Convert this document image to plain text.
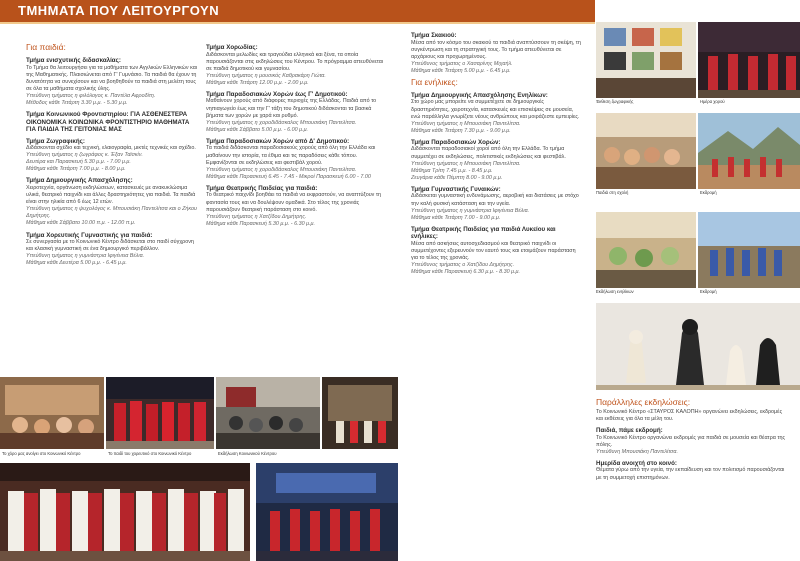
ΤΜΗΜΑΤΑ ΠΟΥ ΛΕΙΤΟΥΡΓΟΥΝ
Για παιδιά:
Τμήμα ενισχυτικής διδασκαλίας:
Το Τμήμα θα λειτουργήσει για τα μαθήματα των Αγγλικών Ελληνικών και της Μαθηματικής. Πλαισιώνεται από Γ' Γυμνάσιο. Τα παιδιά θα έχουν τη δυνατότητα να συνεχίσουν και να βοηθηθούν τα παιδιά στη μελέτη τους σε όλα τα μαθήματα σχολικής ύλης.
Υπεύθυνη τμήματος η φιλόλογος κ. Παντέλα Αφροδίτη.
Μέθοδος κάθε Τετάρτη 3.30 μ.μ. - 5.30 μ.μ.
Τμήμα Κοινωνικού Φροντιστηρίου: ΓΙΑ ΑΣΘΕΝΕΣΤΕΡΑ ΟΙΚΟΝΟΜΙΚΑ ΚΟΙΝΩΝΙΚΑ ΦΡΟΝΤΙΣΤΗΡΙΟ ΜΑΘΗΜΑΤΑ ΓΙΑ ΠΑΙΔΙΑ ΤΗΣ ΓΕΙΤΟΝΙΑΣ ΜΑΣ
Τμήμα Ζωγραφικής:
Διδάσκονται σχέδιο και τεχνική, ελαιογραφία, μικτές τεχνικές και σχέδιο.
Υπεύθυνη τμήματος η ζωγράφος κ. Έξαν Ταϊσκίν.
Δευτέρα και Παρασκευή 5.30 μ.μ. - 7.00 μ.μ.
Μάθημα κάθε Τετάρτη 7.00 μ.μ. - 8.00 μ.μ.
Τμήμα Δημιουργικής Απασχόλησης:
Χειροτεχνία, οργάνωση εκδηλώσεων, κατασκευές με ανακυκλώσιμα υλικά, θεατρικό παιχνίδι και άλλες δραστηριότητες για παιδιά. Τα παιδιά είναι στην ηλικία από 6 έως 12 ετών.
Υπεύθυνη τμήματος η ψυχολόγος κ. Μπουσιάκη Παντελίτσα και ο Ζήκου Δημήτρης.
Μάθημα κάθε Σάββατο 10.00 π.μ. - 12.00 π.μ.
Τμήμα Χορευτικής Γυμναστικής για παιδιά:
Σε συνεργασία με το Κοινωνικό Κέντρο διδάσκεται στο παιδί σύγχρονη και κλασική γυμναστική σε ένα δημιουργικό περιβάλλον.
Υπεύθυνη τμήματος η γυμνάστρια Ιφιγένεια Βέλια.
Μάθημα κάθε Δευτέρα 5.00 μ.μ. - 6.45 μ.μ.
Τμήμα Χορωδίας:
Διδάσκονται μελωδίες και τραγούδια ελληνικά και ξένα, τα οποία παρουσιάζονται στις εκδηλώσεις του Κέντρου. Το πρόγραμμα απευθύνεται σε παιδιά δημοτικού και γυμνασίου.
Υπεύθυνη τμήματος η μουσικός Καθρακάρη Γιώτα.
Μάθημα κάθε Τετάρτη 12.00 μ.μ. - 2.00 μ.μ.
Τμήμα Παραδοσιακών Χορών έως Γ' Δημοτικού:
Μαθαίνουν χορούς από διάφορες περιοχές της Ελλάδας. Παιδιά από το νηπιαγωγείο έως και την Γ' τάξη του δημοτικού διδάσκονται τα βασικά βήματα των χορών με χαρά και ρυθμό.
Υπεύθυνη τμήματος η χοροδιδάσκαλος Μπουσιάκη Παντελίτσα.
Μάθημα κάθε Σάββατο 5.00 μ.μ. - 6.00 μ.μ.
Τμήμα Παραδοσιακών Χορών από Δ' Δημοτικού:
Τα παιδιά διδάσκονται παραδοσιακούς χορούς από όλη την Ελλάδα και μαθαίνουν την ιστορία, τα έθιμα και τις παραδόσεις κάθε τόπου. Εμφανίζονται σε εκδηλώσεις και φεστιβάλ χορού.
Υπεύθυνη τμήματος η χοροδιδάσκαλος Μπουσιάκη Παντελίτσα.
Μάθημα κάθε Παρασκευή 6.45 - 7.45 - Μικροί Παρασκευή 6.00 - 7.00
Τμήμα Θεατρικής Παιδείας για παιδιά:
Το θεατρικό παιχνίδι βοηθάει τα παιδιά να εκφραστούν, να αναπτύξουν τη φαντασία τους και να δουλέψουν ομαδικά. Στο τέλος της χρονιάς παρουσιάζουν θεατρική παράσταση στο κοινό.
Υπεύθυνη τμήματος η Χατζίδου Δημήτρης.
Μάθημα κάθε Παρασκευή 5.30 μ.μ. - 6.30 μ.μ.
Τμήμα Σκακιού:
Μέσα από τον κόσμο του σκακιού τα παιδιά αναπτύσσουν τη σκέψη, τη συγκέντρωση και τη στρατηγική τους. Το τμήμα απευθύνεται σε αρχάριους και προχωρημένους.
Υπεύθυνος τμήματος ο Χασαρίνης Μιχαήλ.
Μάθημα κάθε Τετάρτη 5.00 μ.μ. - 6.45 μ.μ.
Για ενήλικες:
Τμήμα Δημιουργικής Απασχόλησης Ενηλίκων:
Στο χώρο μας μπορείτε να συμμετέχετε σε δημιουργικές δραστηριότητες, χειροτεχνία, κατασκευές και επισκέψεις σε μουσεία, ενώ παράλληλα γνωρίζετε νέους ανθρώπους και μοιράζεστε εμπειρίες.
Υπεύθυνη τμήματος η Μπουσιάκη Παντελίτσα.
Μάθημα κάθε Τετάρτη 7.30 μ.μ. - 9.00 μ.μ.
Τμήμα Παραδοσιακών Χορών:
Διδάσκονται παραδοσιακοί χοροί από όλη την Ελλάδα. Το τμήμα συμμετέχει σε εκδηλώσεις, πολιτιστικές εκδηλώσεις και φεστιβάλ.
Υπεύθυνη τμήματος η Μπουσιάκη Παντελίτσα.
Μάθημα Τρίτη 7.45 μ.μ. - 8.45 μ.μ.
Ζευγάρια κάθε Πέμπτη 8.00 - 9.00 μ.μ.
Τμήμα Γυμναστικής Γυναικών:
Διδάσκεται γυμναστική ενδυνάμωσης, αεροβική και διατάσεις με στόχο την καλή φυσική κατάσταση και την υγεία.
Υπεύθυνη τμήματος η γυμνάστρια Ιφιγένεια Βέλια.
Μάθημα κάθε Τετάρτη 7.00 - 9.00 μ.μ.
Τμήμα Θεατρικής Παιδείας για παιδιά Λυκείου και ενήλικες:
Μέσα από ασκήσεις αυτοσχεδιασμού και θεατρικό παιχνίδι οι συμμετέχοντες εξερευνούν τον εαυτό τους και ετοιμάζουν παράσταση για το τέλος της χρονιάς.
Υπεύθυνος τμήματος ο Χατζίδου Δημήτρης.
Μάθημα κάθε Παρασκευή 6.30 μ.μ. - 8.30 μ.μ.
Παράλληλες εκδηλώσεις:
Το Κοινωνικό Κέντρο «ΣΤΑΥΡΟΣ ΚΑΛΟΠΗ» οργανώνει εκδηλώσεις, εκδρομές και εκθέσεις για όλα τα μέλη του.
Παιδιά, πάμε εκδρομή:
Το Κοινωνικό Κέντρο οργανώνει εκδρομές για παιδιά σε μουσεία και θέατρα της πόλης.
Υπεύθυνη Μπουσιάκη Παντελίτσα.
Ημερίδα ανοιχτή στο κοινό:
Θέματα γύρω από την υγεία, την εκπαίδευση και τον πολιτισμό παρουσιάζονται με τη συμμετοχή επιστημόνων.
Το χόρο μας ανοίγει στο Κοινωνικό Κέντρο	Το παιδί του χορευτικό στο Κοινωνικό Κέντρο	Εκδήλωση Κοινωνικού Κέντρου
Έκθεση ζωγραφικής	Ημέρα χορού
Παιδιά στη σχολή	Εκδρομή
Εκδήλωση ενηλίκων	Εκδρομή
